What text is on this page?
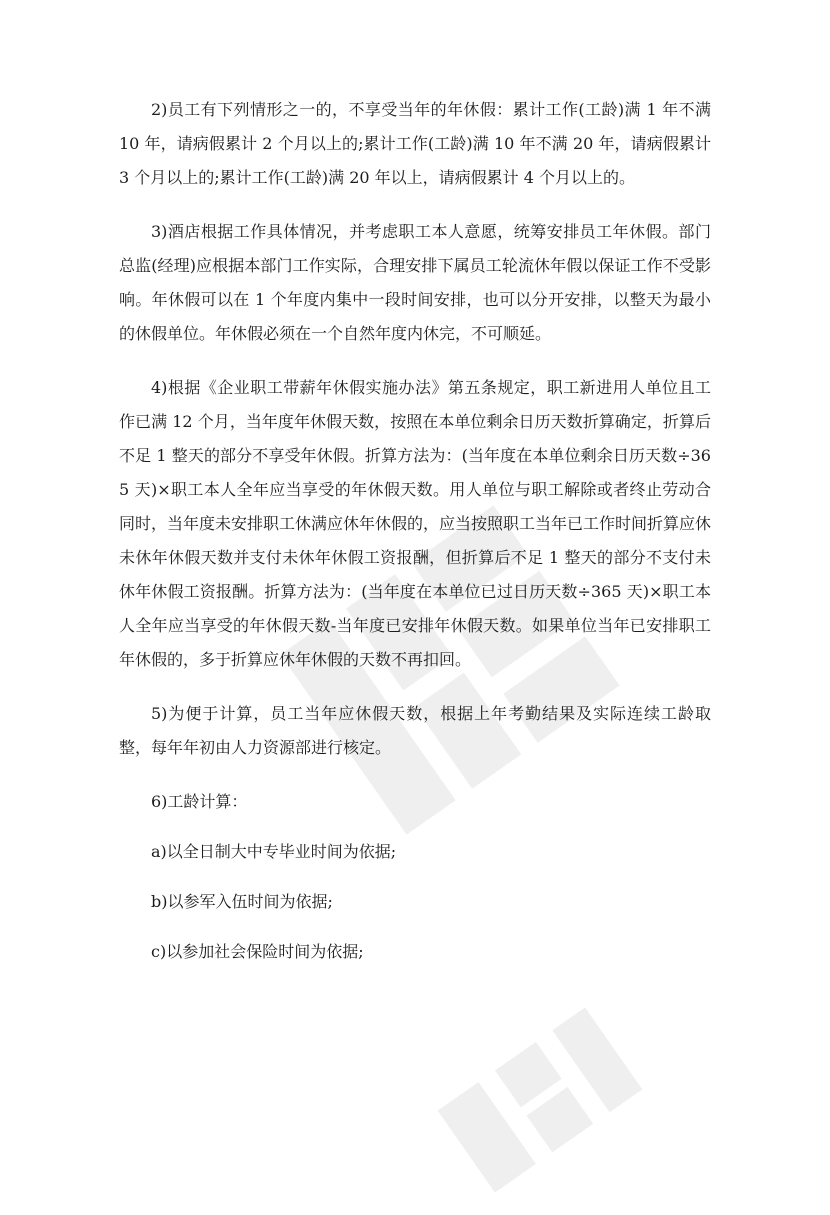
2)员工有下列情形之一的，不享受当年的年休假：累计工作(工龄)满 1 年不满 10 年，请病假累计 2 个月以上的;累计工作(工龄)满 10 年不满 20 年，请病假累计 3 个月以上的;累计工作(工龄)满 20 年以上，请病假累计 4 个月以上的。

3)酒店根据工作具体情况，并考虑职工本人意愿，统筹安排员工年休假。部门总监(经理)应根据本部门工作实际，合理安排下属员工轮流休年假以保证工作不受影响。年休假可以在 1 个年度内集中一段时间安排，也可以分开安排，以整天为最小的休假单位。年休假必须在一个自然年度内休完，不可顺延。

4)根据《企业职工带薪年休假实施办法》第五条规定，职工新进用人单位且工作已满 12 个月，当年度年休假天数，按照在本单位剩余日历天数折算确定，折算后不足 1 整天的部分不享受年休假。折算方法为：(当年度在本单位剩余日历天数÷365 天)×职工本人全年应当享受的年休假天数。用人单位与职工解除或者终止劳动合同时，当年度未安排职工休满应休年休假的，应当按照职工当年已工作时间折算应休未休年休假天数并支付未休年休假工资报酬，但折算后不足 1 整天的部分不支付未休年休假工资报酬。折算方法为：(当年度在本单位已过日历天数÷365 天)×职工本人全年应当享受的年休假天数-当年度已安排年休假天数。如果单位当年已安排职工年休假的，多于折算应休年休假的天数不再扣回。

5)为便于计算，员工当年应休假天数，根据上年考勤结果及实际连续工龄取整，每年年初由人力资源部进行核定。

6)工龄计算：

a)以全日制大中专毕业时间为依据;

b)以参军入伍时间为依据;

c)以参加社会保险时间为依据;
